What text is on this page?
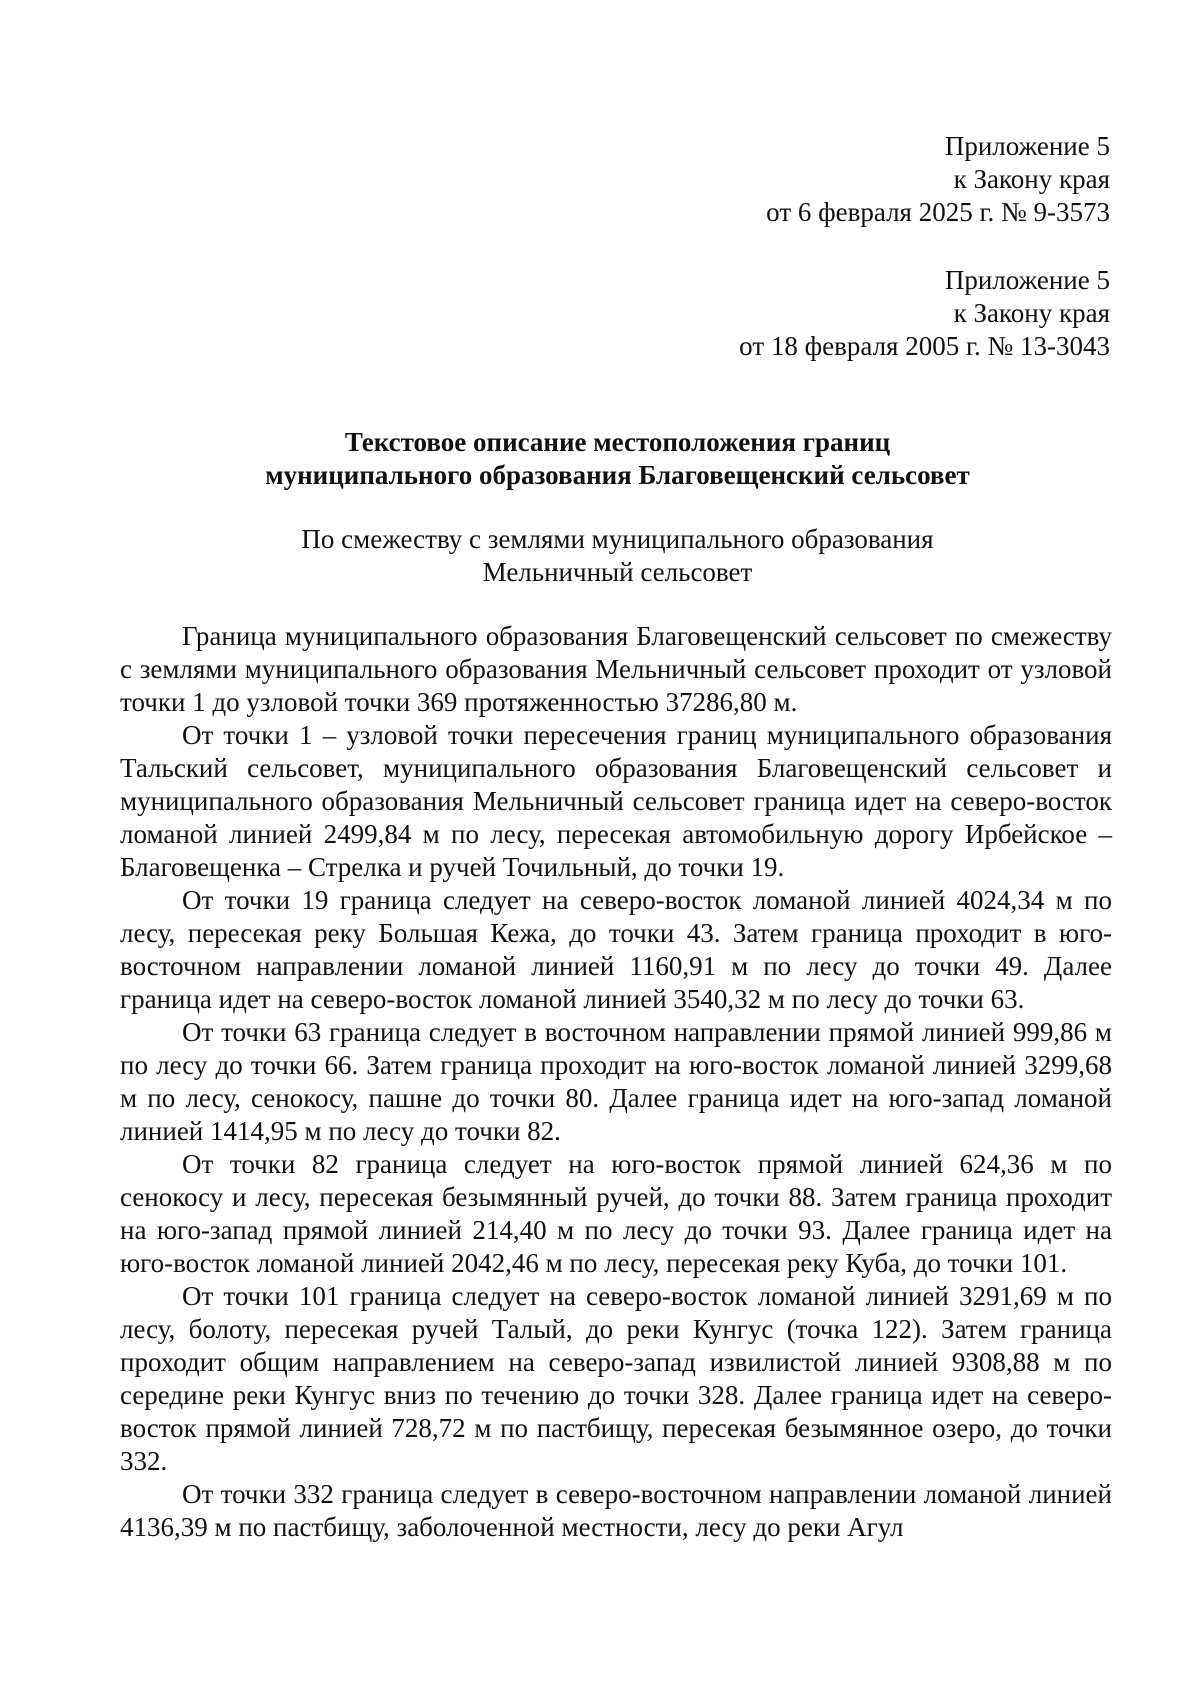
Приложение 5
к Закону края
от 6 февраля 2025 г. № 9-3573
Приложение 5
к Закону края
от 18 февраля 2005 г. № 13-3043
Текстовое описание местоположения границ
муниципального образования Благовещенский сельсовет
По смежеству с землями муниципального образования
Мельничный сельсовет

Граница муниципального образования Благовещенский сельсовет по смежеству с землями муниципального образования Мельничный сельсовет проходит от узловой точки 1 до узловой точки 369 протяженностью 37286,80 м.

От точки 1 – узловой точки пересечения границ муниципального образования Тальский сельсовет, муниципального образования Благовещенский сельсовет и муниципального образования Мельничный сельсовет граница идет на северо-восток ломаной линией 2499,84 м по лесу, пересекая автомобильную дорогу Ирбейское – Благовещенка – Стрелка и ручей Точильный, до точки 19.

От точки 19 граница следует на северо-восток ломаной линией 4024,34 м по лесу, пересекая реку Большая Кежа, до точки 43. Затем граница проходит в юго-восточном направлении ломаной линией 1160,91 м по лесу до точки 49. Далее граница идет на северо-восток ломаной линией 3540,32 м по лесу до точки 63.

От точки 63 граница следует в восточном направлении прямой линией 999,86 м по лесу до точки 66. Затем граница проходит на юго-восток ломаной линией 3299,68 м по лесу, сенокосу, пашне до точки 80. Далее граница идет на юго-запад ломаной линией 1414,95 м по лесу до точки 82.

От точки 82 граница следует на юго-восток прямой линией 624,36 м по сенокосу и лесу, пересекая безымянный ручей, до точки 88. Затем граница проходит на юго-запад прямой линией 214,40 м по лесу до точки 93. Далее граница идет на юго-восток ломаной линией 2042,46 м по лесу, пересекая реку Куба, до точки 101.

От точки 101 граница следует на северо-восток ломаной линией 3291,69 м по лесу, болоту, пересекая ручей Талый, до реки Кунгус (точка 122). Затем граница проходит общим направлением на северо-запад извилистой линией 9308,88 м по середине реки Кунгус вниз по течению до точки 328. Далее граница идет на северо-восток прямой линией 728,72 м по пастбищу, пересекая безымянное озеро, до точки 332.

От точки 332 граница следует в северо-восточном направлении ломаной линией 4136,39 м по пастбищу, заболоченной местности, лесу до реки Агул
